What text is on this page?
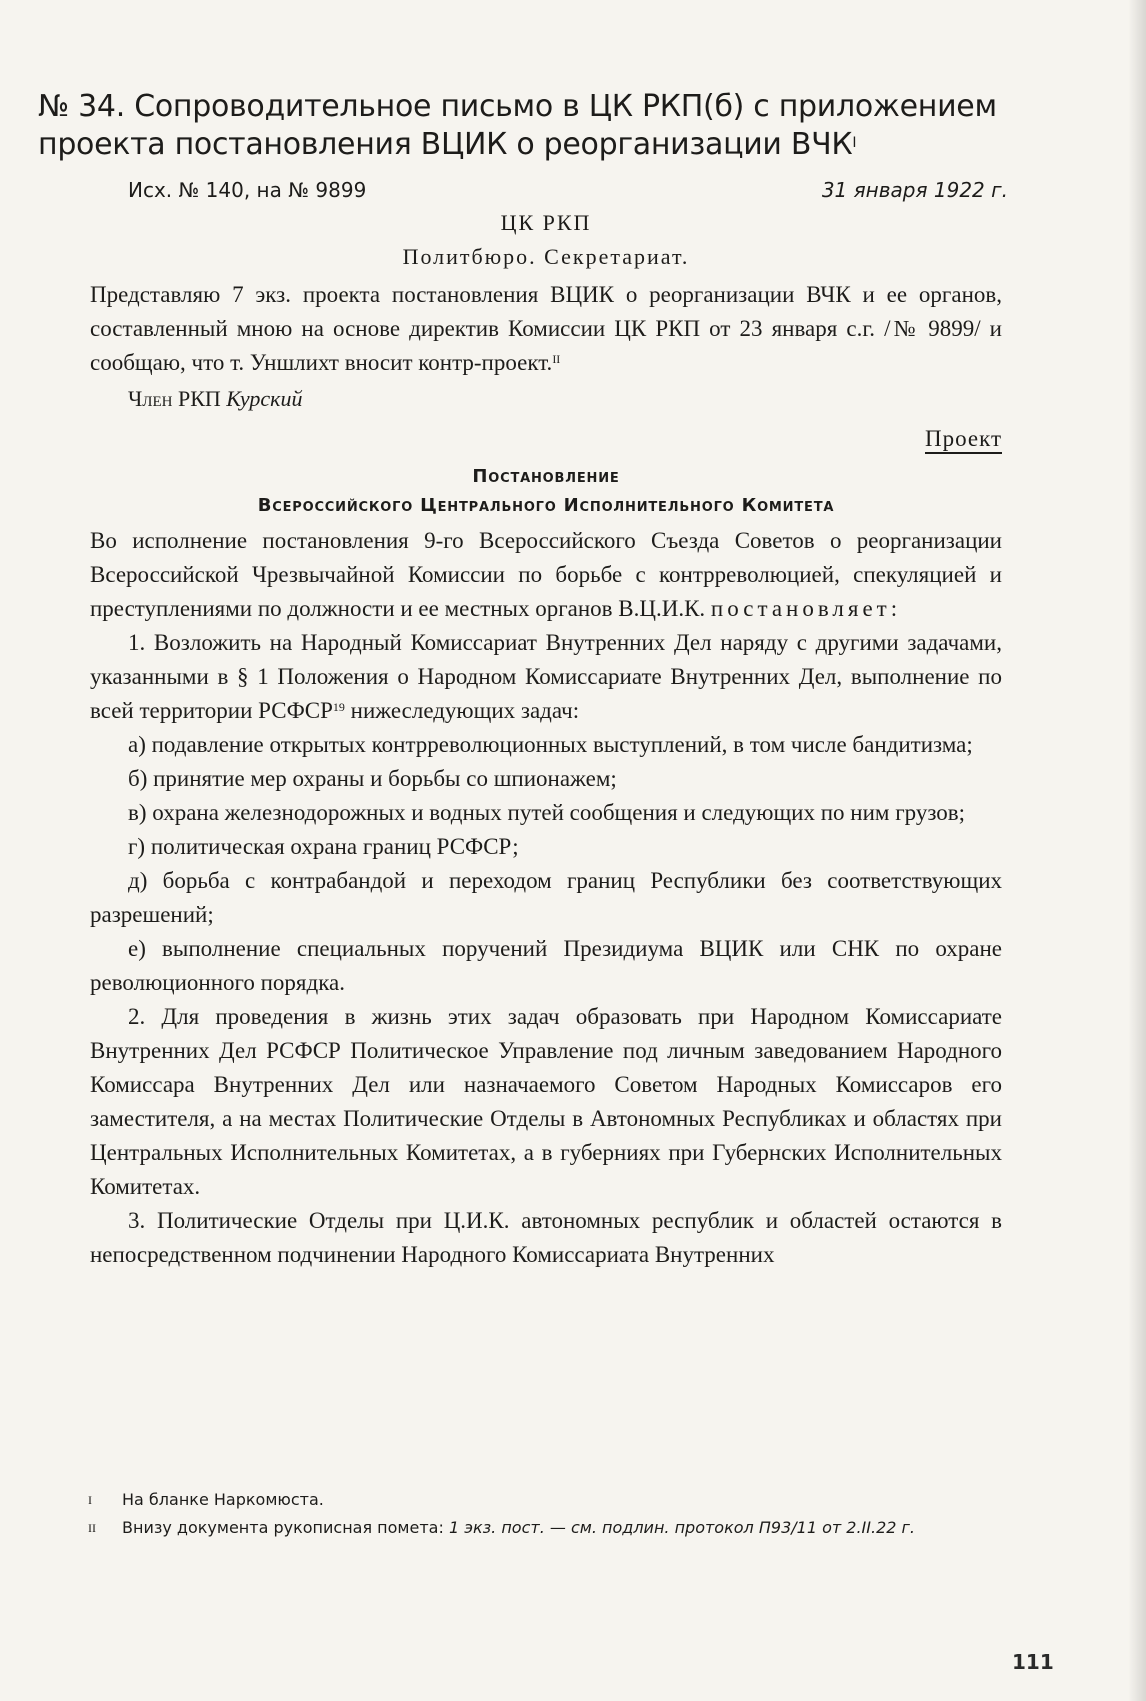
№ 34. Сопроводительное письмо в ЦК РКП(б) с приложением проекта постановления ВЦИК о реорганизации $ВЧК^I$
Исх. № 140, на № 9899	31 января 1922 г.
ЦК РКП
Политбюро. Секретариат.

Представляю 7 экз. проекта постановления ВЦИК о реорганизации ВЧК и ее органов, составленный мною на основе директив Комиссии ЦК РКП от 23 января с.г. /№ 9899/ и сообщаю, что т. Уншлихт вносит контр-проект.$^{II}$

Член РКП Курский
Проект
Постановление
Всероссийского Центрального Исполнительного Комитета

Во исполнение постановления 9-го Всероссийского Съезда Советов о реорганизации Всероссийской Чрезвычайной Комиссии по борьбе с контрреволюцией, спекуляцией и преступлениями по должности и ее местных органов В.Ц.И.К. постановляет:

1. Возложить на Народный Комиссариат Внутренних Дел наряду с другими задачами, указанными в § 1 Положения о Народном Комиссариате Внутренних Дел, выполнение по всей территории РСФСР$^{19}$ нижеследующих задач:

а) подавление открытых контрреволюционных выступлений, в том числе бандитизма;

б) принятие мер охраны и борьбы со шпионажем;

в) охрана железнодорожных и водных путей сообщения и следующих по ним грузов;

г) политическая охрана границ РСФСР;

д) борьба с контрабандой и переходом границ Республики без соответствующих разрешений;

е) выполнение специальных поручений Президиума ВЦИК или СНК по охране революционного порядка.

2. Для проведения в жизнь этих задач образовать при Народном Комиссариате Внутренних Дел РСФСР Политическое Управление под личным заведованием Народного Комиссара Внутренних Дел или назначаемого Советом Народных Комиссаров его заместителя, а на местах Политические Отделы в Автономных Республиках и областях при Центральных Исполнительных Комитетах, а в губерниях при Губернских Исполнительных Комитетах.

3. Политические Отделы при Ц.И.К. автономных республик и областей остаются в непосредственном подчинении Народного Комиссариата Внутренних

I	На бланке Наркомюста.
II	Внизу документа рукописная помета: 1 экз. пост. — см. подлин. протокол П93/11 от 2.II.22 г.
111
